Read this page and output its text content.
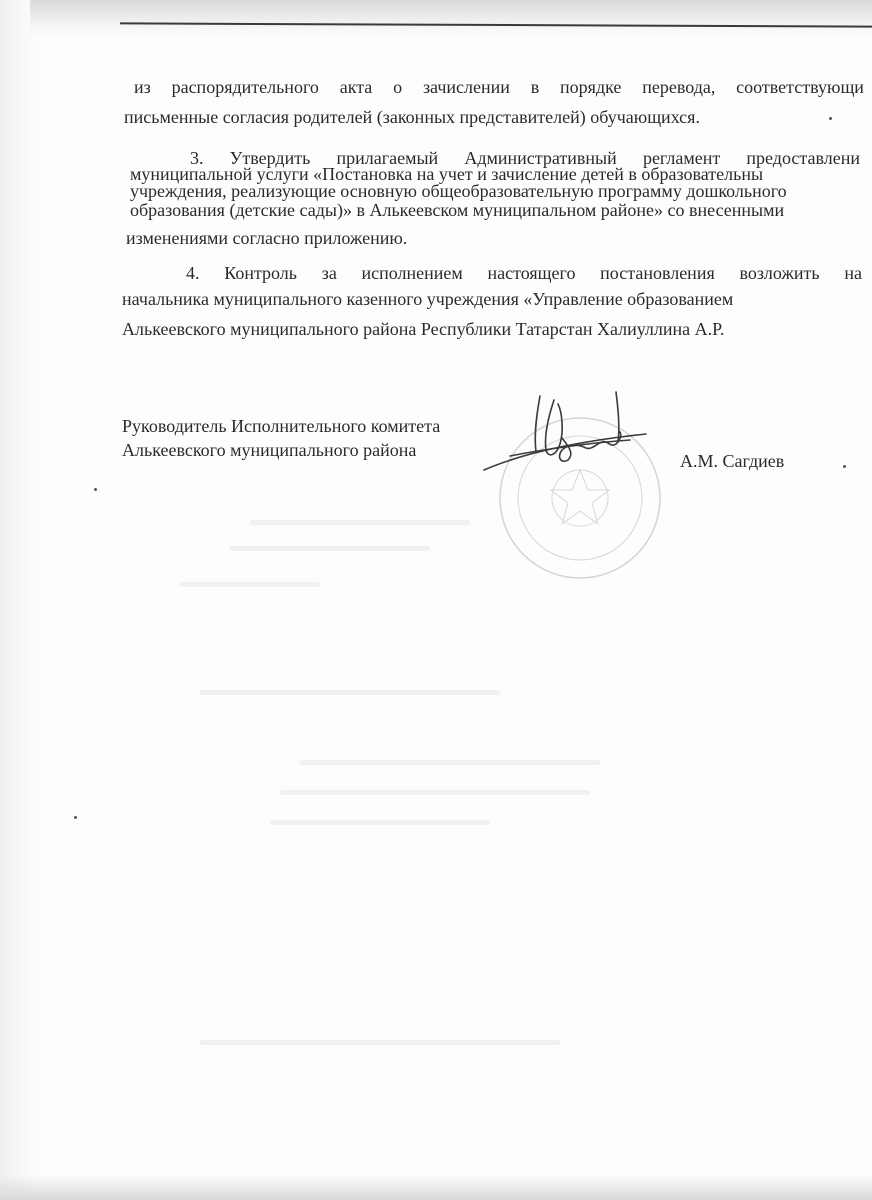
из распорядительного акта о зачислении в порядке перевода, соответствующи
письменные согласия родителей (законных представителей) обучающихся.
3. Утвердить прилагаемый Административный регламент предоставлени
муниципальной услуги «Постановка на учет и зачисление детей в образовательны
учреждения, реализующие основную общеобразовательную программу дошкольного
образования (детские сады)» в Алькеевском муниципальном районе» со внесенными
изменениями согласно приложению.
4. Контроль за исполнением настоящего постановления возложить на
начальника муниципального казенного учреждения «Управление образованием
Алькеевского муниципального района Республики Татарстан Халиуллина А.Р.
Руководитель Исполнительного комитета
Алькеевского муниципального района
А.М. Сагдиев
